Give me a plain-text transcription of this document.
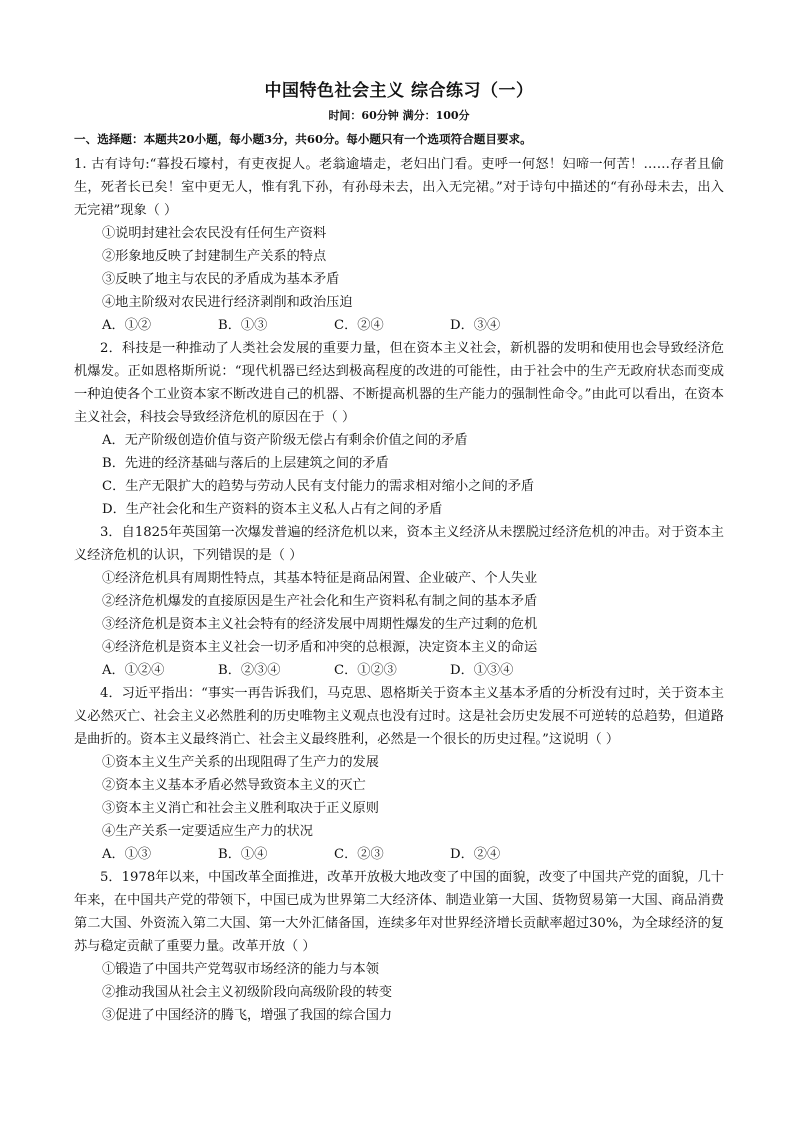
中国特色社会主义 综合练习（一）
时间：60分钟 满分：100分
一、选择题：本题共20小题，每小题3分，共60分。每小题只有一个选项符合题目要求。

1. 古有诗句:“暮投石壕村，有吏夜捉人。老翁逾墙走，老妇出门看。吏呼一何怒！妇啼一何苦！……存者且偷生，死者长已矣！室中更无人，惟有乳下孙，有孙母未去，出入无完裙。”对于诗句中描述的“有孙母未去，出入无完裙”现象（ ）

①说明封建社会农民没有任何生产资料
②形象地反映了封建制生产关系的特点
③反映了地主与农民的矛盾成为基本矛盾
④地主阶级对农民进行经济剥削和政治压迫
A．①②	B．①③	C．②④	D．③④

2．科技是一种推动了人类社会发展的重要力量，但在资本主义社会，新机器的发明和使用也会导致经济危机爆发。正如恩格斯所说：“现代机器已经达到极高程度的改进的可能性，由于社会中的生产无政府状态而变成一种迫使各个工业资本家不断改进自己的机器、不断提高机器的生产能力的强制性命令。”由此可以看出，在资本主义社会，科技会导致经济危机的原因在于（ ）

A．无产阶级创造价值与资产阶级无偿占有剩余价值之间的矛盾
B．先进的经济基础与落后的上层建筑之间的矛盾
C．生产无限扩大的趋势与劳动人民有支付能力的需求相对缩小之间的矛盾
D．生产社会化和生产资料的资本主义私人占有之间的矛盾

3．自1825年英国第一次爆发普遍的经济危机以来，资本主义经济从未摆脱过经济危机的冲击。对于资本主义经济危机的认识，下列错误的是（ ）

①经济危机具有周期性特点，其基本特征是商品闲置、企业破产、个人失业
②经济危机爆发的直接原因是生产社会化和生产资料私有制之间的基本矛盾
③经济危机是资本主义社会特有的经济发展中周期性爆发的生产过剩的危机
④经济危机是资本主义社会一切矛盾和冲突的总根源，决定资本主义的命运
A．①②④	B．②③④	C．①②③	D．①③④

4．习近平指出：“事实一再告诉我们，马克思、恩格斯关于资本主义基本矛盾的分析没有过时，关于资本主义必然灭亡、社会主义必然胜利的历史唯物主义观点也没有过时。这是社会历史发展不可逆转的总趋势，但道路是曲折的。资本主义最终消亡、社会主义最终胜利，必然是一个很长的历史过程。”这说明（ ）

①资本主义生产关系的出现阻碍了生产力的发展
②资本主义基本矛盾必然导致资本主义的灭亡
③资本主义消亡和社会主义胜利取决于正义原则
④生产关系一定要适应生产力的状况
A．①③	B．①④	C．②③	D．②④

5．1978年以来，中国改革全面推进，改革开放极大地改变了中国的面貌，改变了中国共产党的面貌，几十年来，在中国共产党的带领下，中国已成为世界第二大经济体、制造业第一大国、货物贸易第一大国、商品消费第二大国、外资流入第二大国、第一大外汇储备国，连续多年对世界经济增长贡献率超过30%，为全球经济的复苏与稳定贡献了重要力量。改革开放（ ）

①锻造了中国共产党驾驭市场经济的能力与本领
②推动我国从社会主义初级阶段向高级阶段的转变
③促进了中国经济的腾飞，增强了我国的综合国力
